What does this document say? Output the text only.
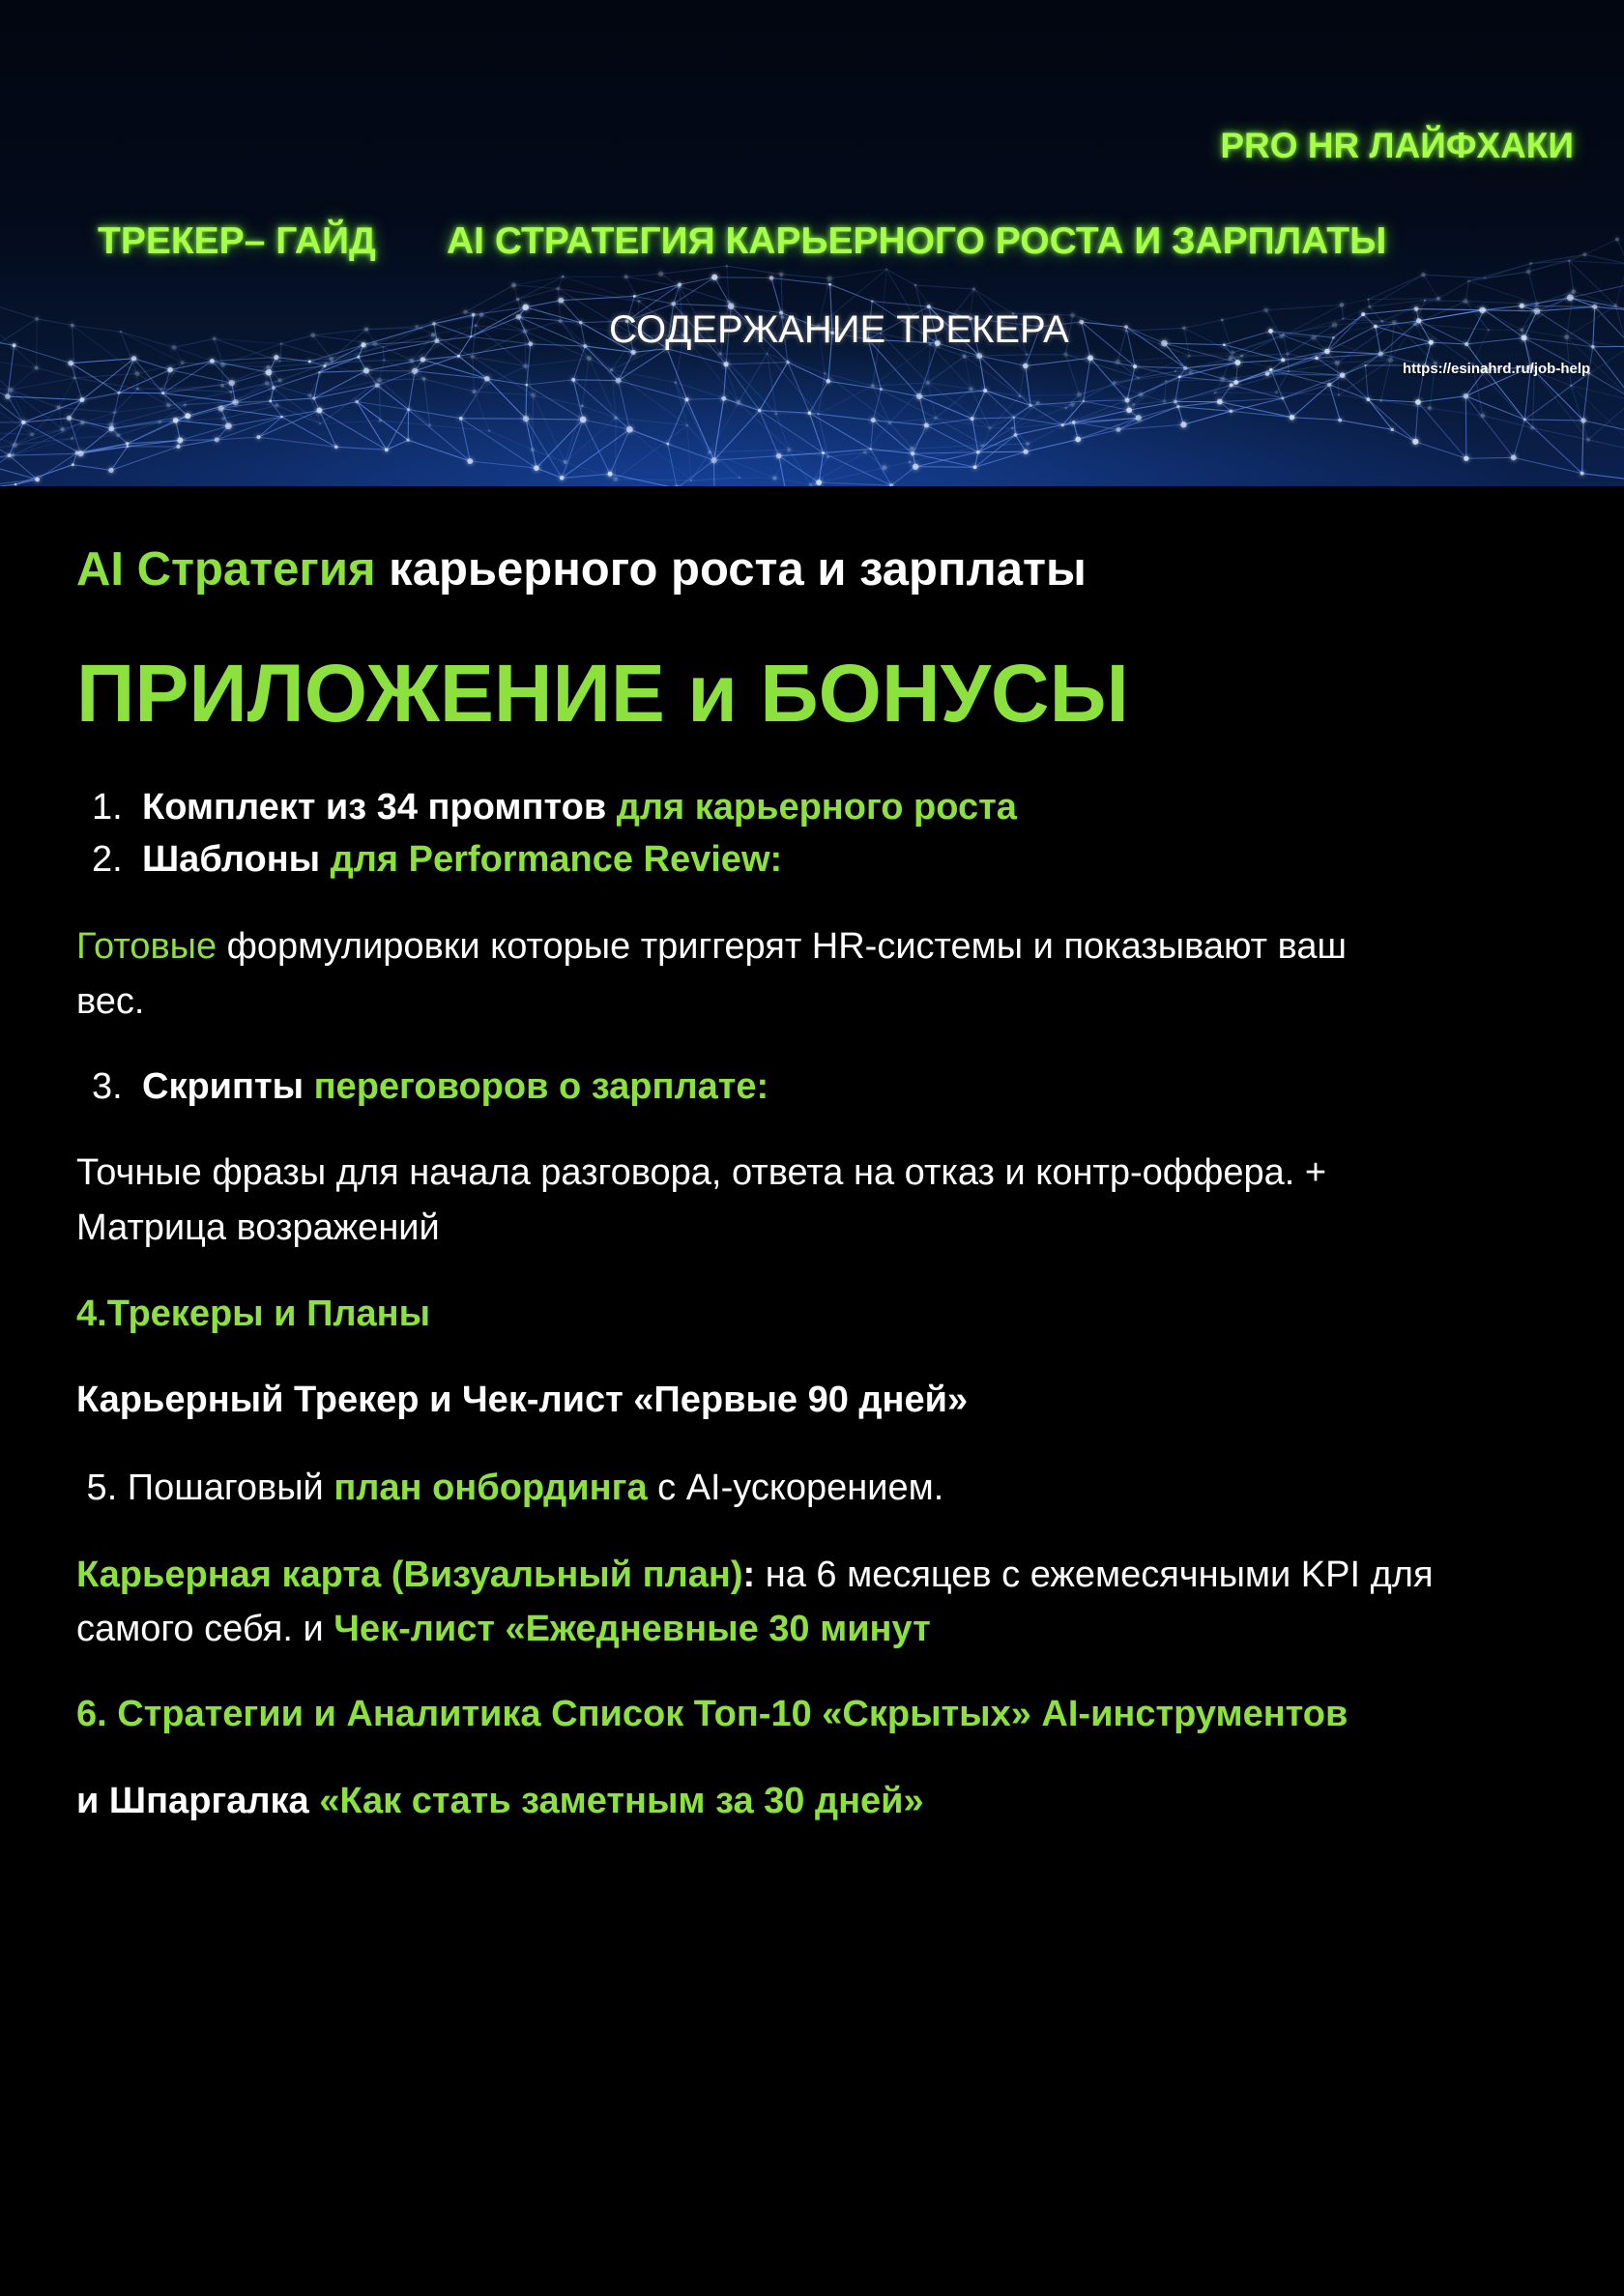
PRO HR ЛАЙФХАКИ
ТРЕКЕР– ГАЙД AI СТРАТЕГИЯ КАРЬЕРНОГО РОСТА И ЗАРПЛАТЫ
СОДЕРЖАНИЕ ТРЕКЕРА
https://esinahrd.ru/job-help
AI Стратегия карьерного роста и зарплаты
ПРИЛОЖЕНИЕ и БОНУСЫ
1. Комплект из 34 промптов для карьерного роста
2. Шаблоны для Performance Review:
Готовые формулировки которые триггерят HR-системы и показывают ваш
вес.
3. Скрипты переговоров о зарплате:
Точные фразы для начала разговора, ответа на отказ и контр-оффера. +
Матрица возражений
4.Трекеры и Планы
Карьерный Трекер и Чек-лист «Первые 90 дней»
5. Пошаговый план онбординга с AI-ускорением.
Карьерная карта (Визуальный план): на 6 месяцев с ежемесячными KPI для
самого себя. и Чек-лист «Ежедневные 30 минут
6. Стратегии и Аналитика Список Топ-10 «Скрытых» AI-инструментов
и Шпаргалка «Как стать заметным за 30 дней»
